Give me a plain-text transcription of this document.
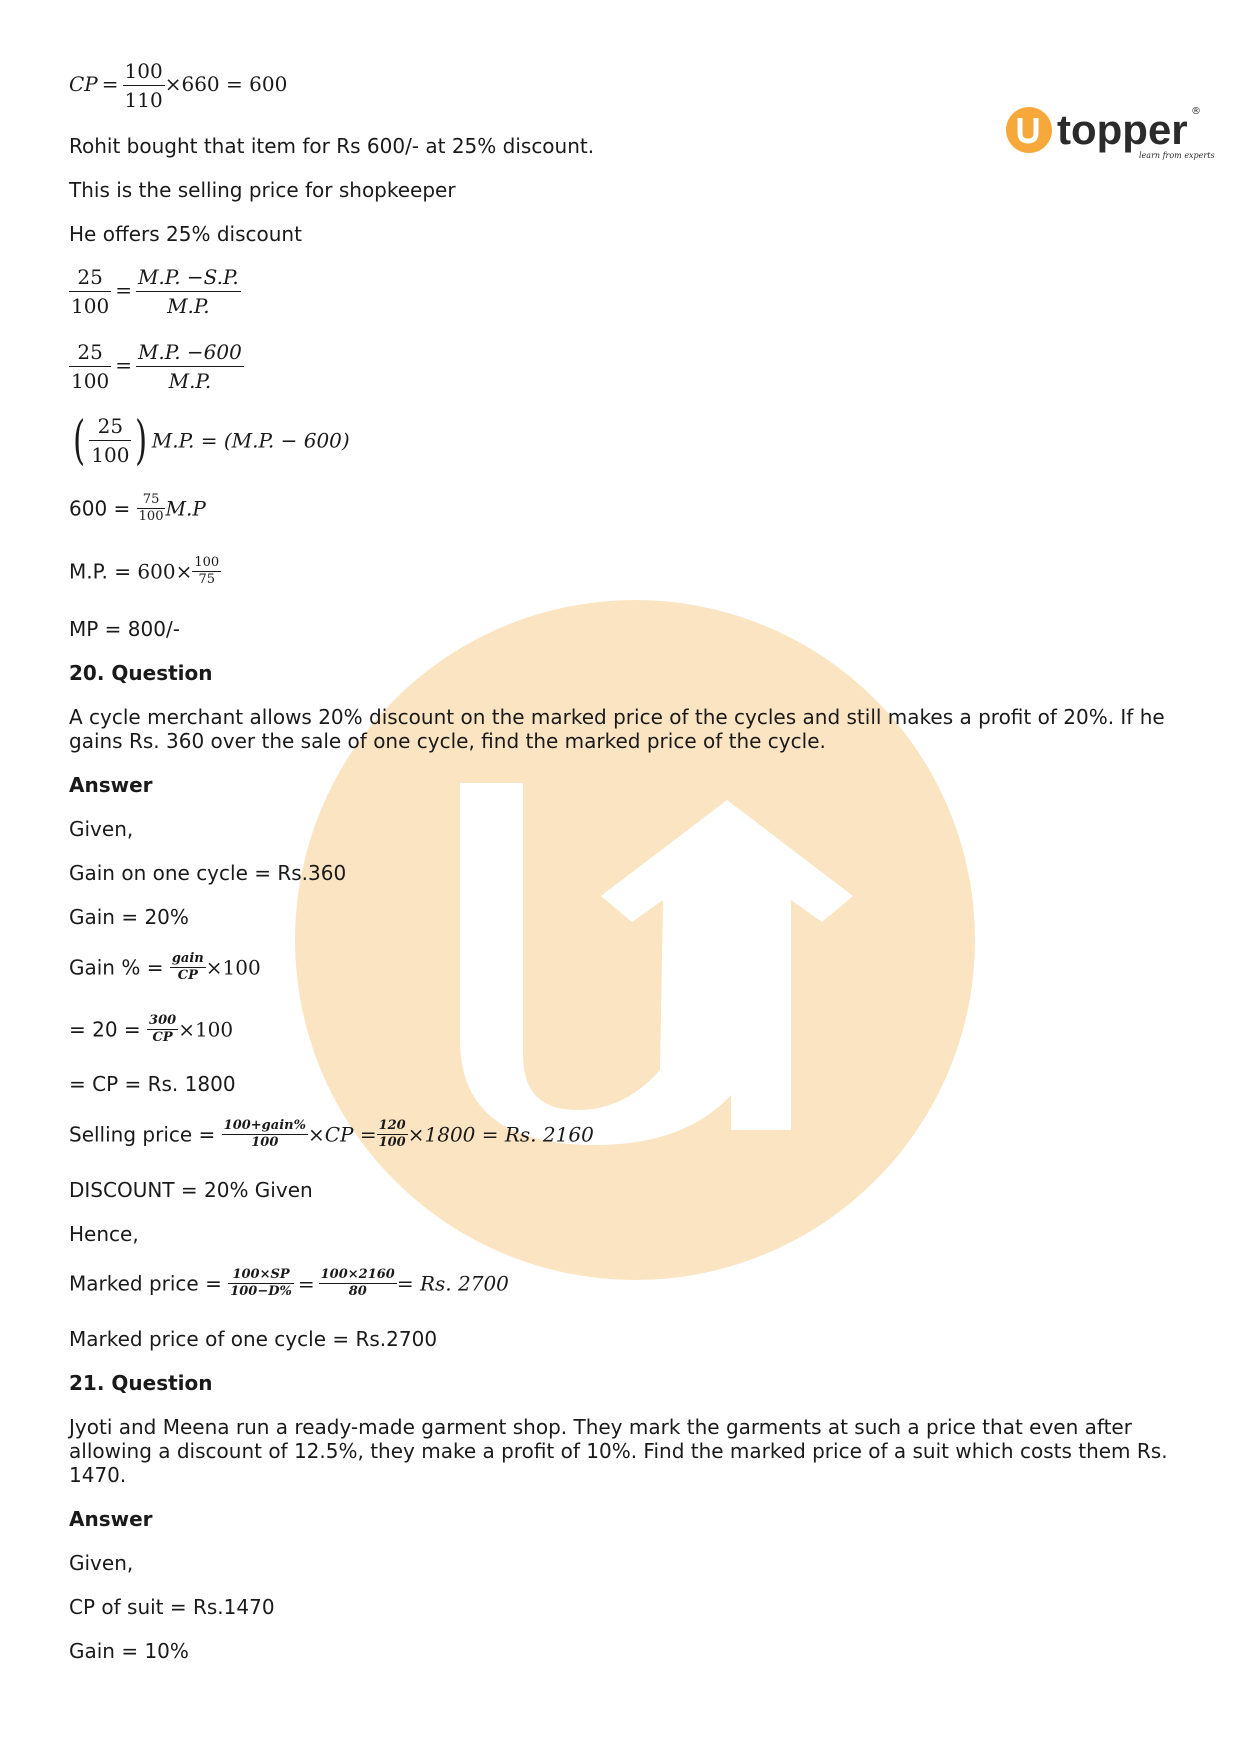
topper ®
learn from experts
CP = $\frac{100}{110} \times 660 = 600$
Rohit bought that item for Rs 600/- at 25% discount.
This is the selling price for shopkeeper
He offers 25% discount
$\frac{25}{100} = \frac{M.P. -S.P.}{M.P.}$
$\frac{25}{100} = \frac{M.P. -600}{M.P.}$
( $\frac{25}{100}$ ) M.P. = (M.P. − 600)
$600 = \frac{75}{100} M.P$
M.P. = $600\times \frac{100}{75}$
MP = 800/-
20. Question
A cycle merchant allows 20% discount on the marked price of the cycles and still makes a profit of 20%. If he gains Rs. 360 over the sale of one cycle, find the marked price of the cycle.
Answer
Given,
Gain on one cycle = Rs.360
Gain = 20%
Gain % = $\frac{\text{gain}}{CP} \times 100$
= $20 = \frac{300}{CP} \times 100$
= CP = Rs. 1800
Selling price = $\frac{\text{100+gain\%}}{100} \times CP = \frac{120}{100} \times 1800 = Rs$. 2160
DISCOUNT = 20% Given
Hence,
Marked price = $\frac{100\times SP}{100-D\%} = \frac{100\times 2160}{80} = Rs$. 2700
Marked price of one cycle = Rs.2700
21. Question
Jyoti and Meena run a ready-made garment shop. They mark the garments at such a price that even after allowing a discount of 12.5%, they make a profit of 10%. Find the marked price of a suit which costs them Rs. 1470.
Answer
Given,
CP of suit = Rs.1470
Gain = 10%
